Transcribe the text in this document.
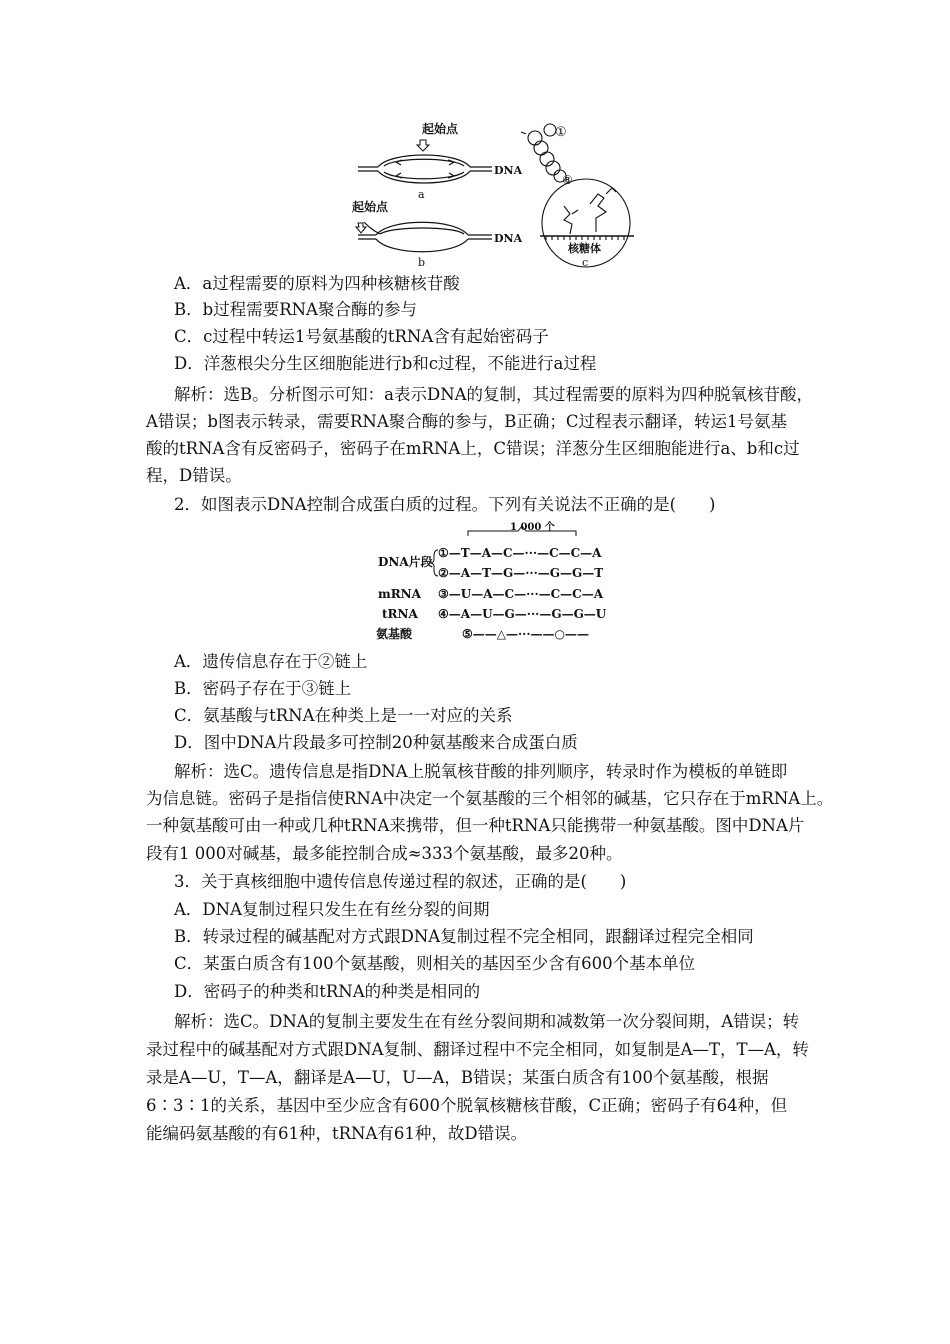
起始点
DNA
a
起始点
DNA
b
①
⑧
核糖体
c
A．a过程需要的原料为四种核糖核苷酸
B．b过程需要RNA聚合酶的参与
C．c过程中转运1号氨基酸的tRNA含有起始密码子
D．洋葱根尖分生区细胞能进行b和c过程，不能进行a过程
解析：选B。分析图示可知：a表示DNA的复制，其过程需要的原料为四种脱氧核苷酸，
A错误；b图表示转录，需要RNA聚合酶的参与，B正确；C过程表示翻译，转运1号氨基
酸的tRNA含有反密码子，密码子在mRNA上，C错误；洋葱分生区细胞能进行a、b和c过
程，D错误。
2．如图表示DNA控制合成蛋白质的过程。下列有关说法不正确的是(　　)
1 000 个
DNA片段
mRNA
tRNA
氨基酸
①—T—A—C—···—C—C—A
②—A—T—G—···—G—G—T
③—U—A—C—···—C—C—A
④—A—U—G—···—G—G—U
⑤——△—···——○——
A．遗传信息存在于②链上
B．密码子存在于③链上
C．氨基酸与tRNA在种类上是一一对应的关系
D．图中DNA片段最多可控制20种氨基酸来合成蛋白质
解析：选C。遗传信息是指DNA上脱氧核苷酸的排列顺序，转录时作为模板的单链即
为信息链。密码子是指信使RNA中决定一个氨基酸的三个相邻的碱基，它只存在于mRNA上。
一种氨基酸可由一种或几种tRNA来携带，但一种tRNA只能携带一种氨基酸。图中DNA片
段有1 000对碱基，最多能控制合成≈333个氨基酸，最多20种。
3．关于真核细胞中遗传信息传递过程的叙述，正确的是(　　)
A．DNA复制过程只发生在有丝分裂的间期
B．转录过程的碱基配对方式跟DNA复制过程不完全相同，跟翻译过程完全相同
C．某蛋白质含有100个氨基酸，则相关的基因至少含有600个基本单位
D．密码子的种类和tRNA的种类是相同的
解析：选C。DNA的复制主要发生在有丝分裂间期和减数第一次分裂间期，A错误；转
录过程中的碱基配对方式跟DNA复制、翻译过程中不完全相同，如复制是A—T，T—A，转
录是A—U，T—A，翻译是A—U，U—A，B错误；某蛋白质含有100个氨基酸，根据
6∶3∶1的关系，基因中至少应含有600个脱氧核糖核苷酸，C正确；密码子有64种，但
能编码氨基酸的有61种，tRNA有61种，故D错误。
